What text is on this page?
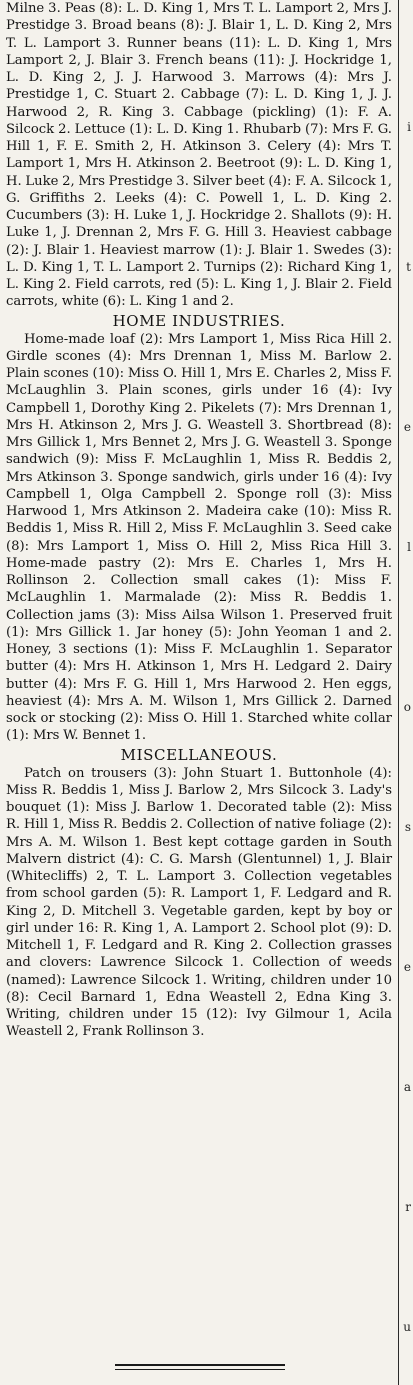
Milne 3. Peas (8): L. D. King 1, Mrs T. L. Lamport 2, Mrs J. Prestidge 3. Broad beans (8): J. Blair 1, L. D. King 2, Mrs T. L. Lamport 3. Runner beans (11): L. D. King 1, Mrs Lamport 2, J. Blair 3. French beans (11): J. Hockridge 1, L. D. King 2, J. J. Harwood 3. Marrows (4): Mrs J. Prestidge 1, C. Stuart 2. Cabbage (7): L. D. King 1, J. J. Harwood 2, R. King 3. Cabbage (pickling) (1): F. A. Silcock 2. Lettuce (1): L. D. King 1. Rhubarb (7): Mrs F. G. Hill 1, F. E. Smith 2, H. Atkinson 3. Celery (4): Mrs T. Lamport 1, Mrs H. Atkinson 2. Beetroot (9): L. D. King 1, H. Luke 2, Mrs Prestidge 3. Silver beet (4): F. A. Silcock 1, G. Griffiths 2. Leeks (4): C. Powell 1, L. D. King 2. Cucumbers (3): H. Luke 1, J. Hockridge 2. Shallots (9): H. Luke 1, J. Drennan 2, Mrs F. G. Hill 3. Heaviest cabbage (2): J. Blair 1. Heaviest marrow (1): J. Blair 1. Swedes (3): L. D. King 1, T. L. Lamport 2. Turnips (2): Richard King 1, L. King 2. Field carrots, red (5): L. King 1, J. Blair 2. Field carrots, white (6): L. King 1 and 2.

HOME INDUSTRIES.

Home-made loaf (2): Mrs Lamport 1, Miss Rica Hill 2. Girdle scones (4): Mrs Drennan 1, Miss M. Barlow 2. Plain scones (10): Miss O. Hill 1, Mrs E. Charles 2, Miss F. McLaughlin 3. Plain scones, girls under 16 (4): Ivy Campbell 1, Dorothy King 2. Pikelets (7): Mrs Drennan 1, Mrs H. Atkinson 2, Mrs J. G. Weastell 3. Shortbread (8): Mrs Gillick 1, Mrs Bennet 2, Mrs J. G. Weastell 3. Sponge sandwich (9): Miss F. McLaughlin 1, Miss R. Beddis 2, Mrs Atkinson 3. Sponge sandwich, girls under 16 (4): Ivy Campbell 1, Olga Campbell 2. Sponge roll (3): Miss Harwood 1, Mrs Atkinson 2. Madeira cake (10): Miss R. Beddis 1, Miss R. Hill 2, Miss F. McLaughlin 3. Seed cake (8): Mrs Lamport 1, Miss O. Hill 2, Miss Rica Hill 3. Home-made pastry (2): Mrs E. Charles 1, Mrs H. Rollinson 2. Collection small cakes (1): Miss F. McLaughlin 1. Marmalade (2): Miss R. Beddis 1. Collection jams (3): Miss Ailsa Wilson 1. Preserved fruit (1): Mrs Gillick 1. Jar honey (5): John Yeoman 1 and 2. Honey, 3 sections (1): Miss F. McLaughlin 1. Separator butter (4): Mrs H. Atkinson 1, Mrs H. Ledgard 2. Dairy butter (4): Mrs F. G. Hill 1, Mrs Harwood 2. Hen eggs, heaviest (4): Mrs A. M. Wilson 1, Mrs Gillick 2. Darned sock or stocking (2): Miss O. Hill 1. Starched white collar (1): Mrs W. Bennet 1.

MISCELLANEOUS.

Patch on trousers (3): John Stuart 1. Buttonhole (4): Miss R. Beddis 1, Miss J. Barlow 2, Mrs Silcock 3. Lady's bouquet (1): Miss J. Barlow 1. Decorated table (2): Miss R. Hill 1, Miss R. Beddis 2. Collection of native foliage (2): Mrs A. M. Wilson 1. Best kept cottage garden in South Malvern district (4): C. G. Marsh (Glentunnel) 1, J. Blair (Whitecliffs) 2, T. L. Lamport 3. Collection vegetables from school garden (5): R. Lamport 1, F. Ledgard and R. King 2, D. Mitchell 3. Vegetable garden, kept by boy or girl under 16: R. King 1, A. Lamport 2. School plot (9): D. Mitchell 1, F. Ledgard and R. King 2. Collection grasses and clovers: Lawrence Silcock 1. Collection of weeds (named): Lawrence Silcock 1. Writing, children under 10 (8): Cecil Barnard 1, Edna Weastell 2, Edna King 3. Writing, children under 15 (12): Ivy Gilmour 1, Acila Weastell 2, Frank Rollinson 3.

i
t
e
l
o
s
e
a
r
u
